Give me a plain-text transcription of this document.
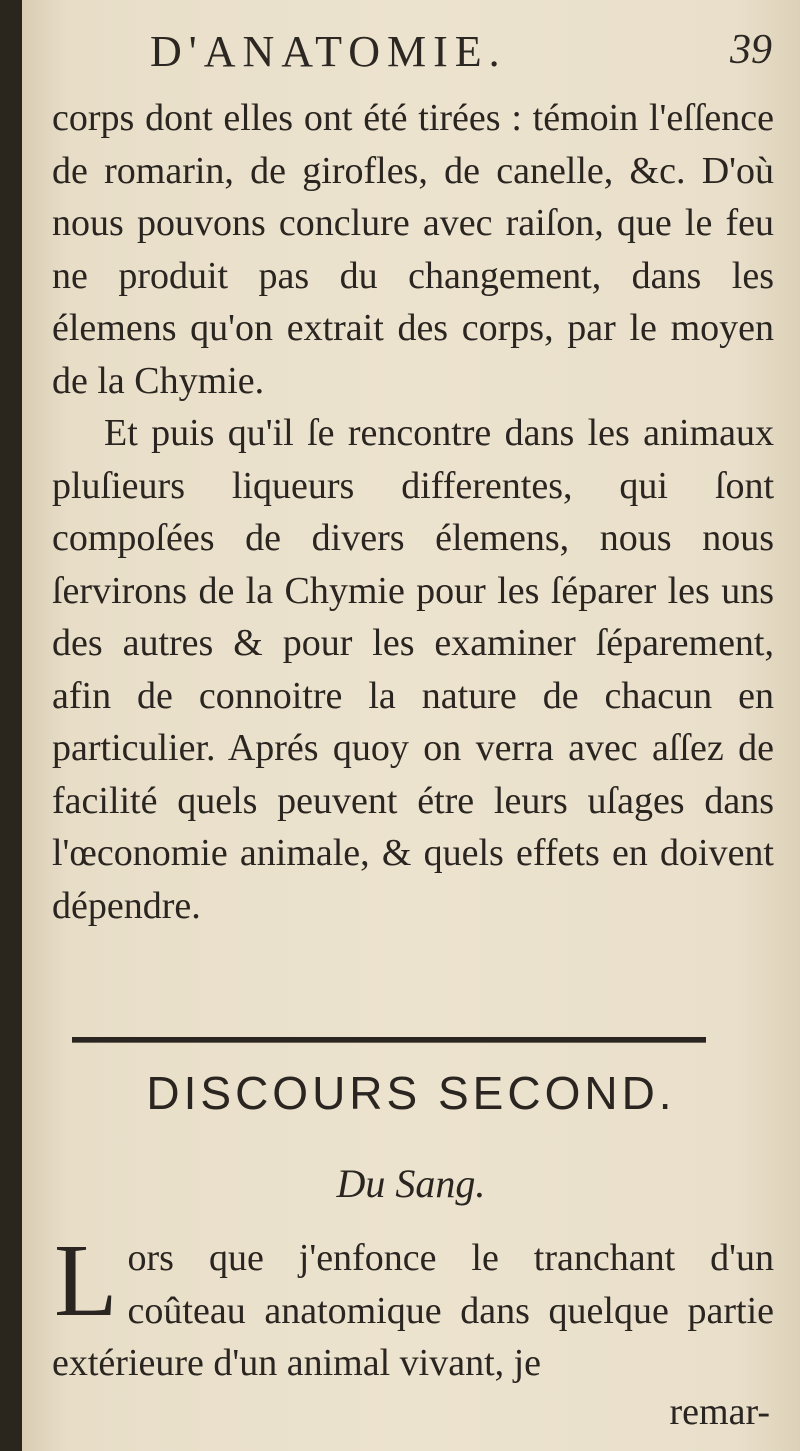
D'ANATOMIE.	39

corps dont elles ont été tirées : témoin l'eſſence de romarin, de girofles, de canelle, &c. D'où nous pouvons conclure avec raiſon, que le feu ne produit pas du changement, dans les élemens qu'on extrait des corps, par le moyen de la Chymie.

Et puis qu'il ſe rencontre dans les animaux pluſieurs liqueurs differentes, qui ſont compoſées de divers élemens, nous nous ſervirons de la Chymie pour les ſéparer les uns des autres & pour les examiner ſéparement, afin de connoitre la nature de chacun en particulier. Aprés quoy on verra avec aſſez de facilité quels peuvent étre leurs uſages dans l'œconomie animale, & quels effets en doivent dépendre.

DISCOURS SECOND.
Du Sang.
L ors que j'enfonce le tranchant d'un coûteau anatomique dans quelque partie extérieure d'un animal vivant, je
remar-
